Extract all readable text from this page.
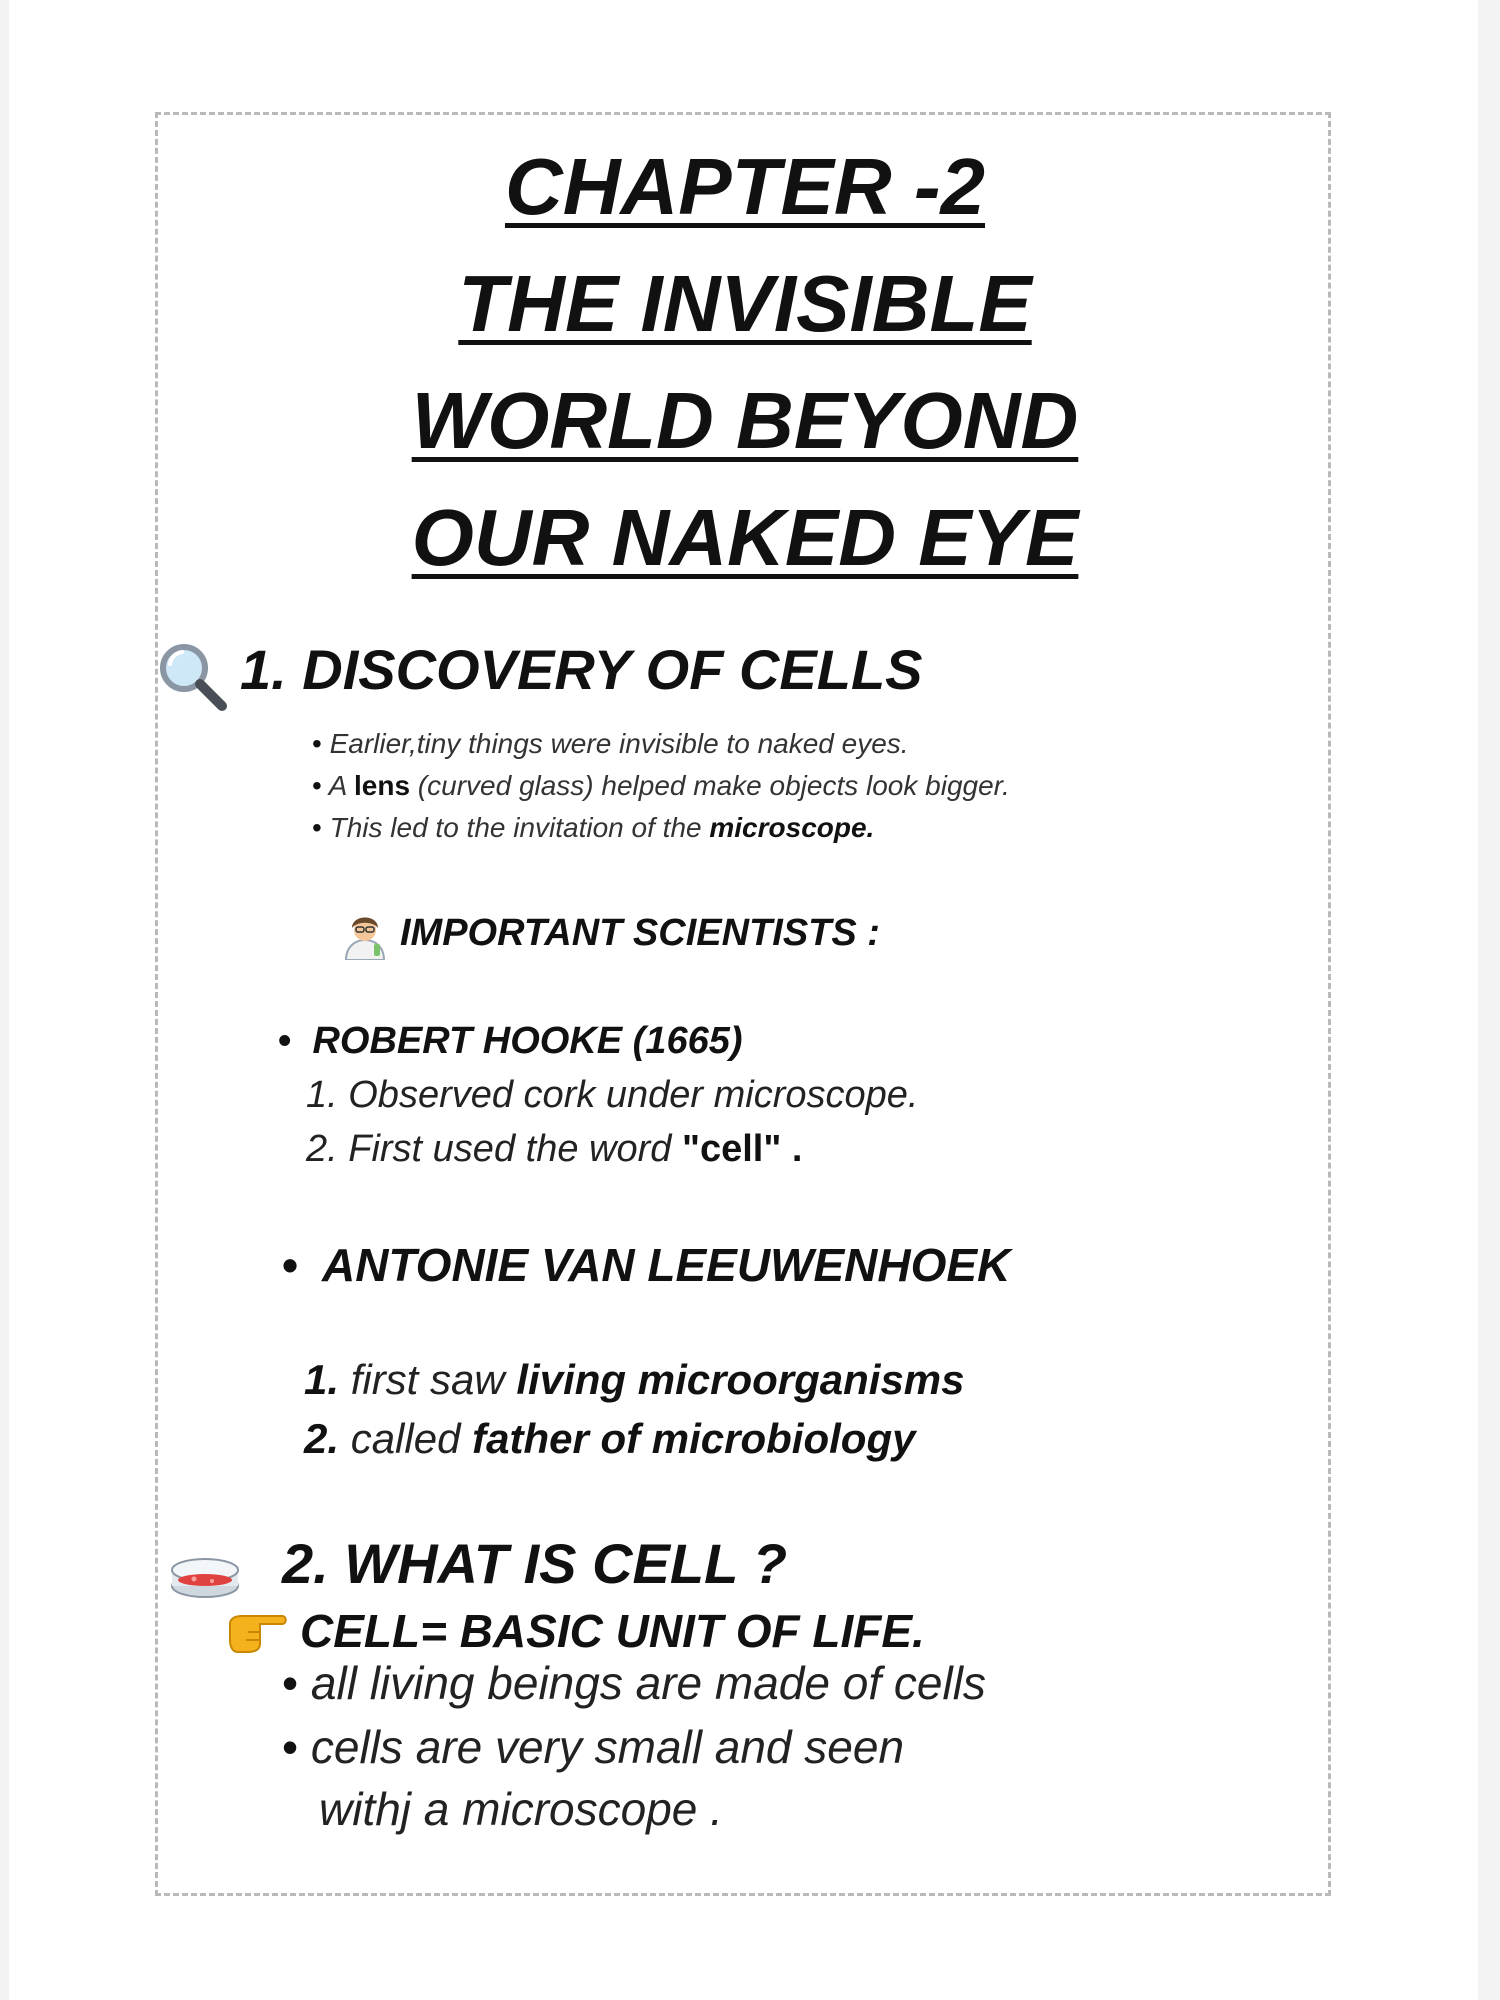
CHAPTER -2
THE INVISIBLE
WORLD BEYOND
OUR NAKED EYE
1. DISCOVERY OF CELLS
• Earlier,tiny things were invisible to naked eyes.
• A lens (curved glass) helped make objects look bigger.
• This led to the invitation of the microscope.
IMPORTANT SCIENTISTS :
• ROBERT HOOKE (1665)
1. Observed cork under microscope.
2. First used the word "cell" .
• ANTONIE VAN LEEUWENHOEK
1. first saw living microorganisms
2. called father of microbiology
2. WHAT IS CELL ?
CELL= BASIC UNIT OF LIFE.
• all living beings are made of cells
• cells are very small and seen
withj a microscope .
